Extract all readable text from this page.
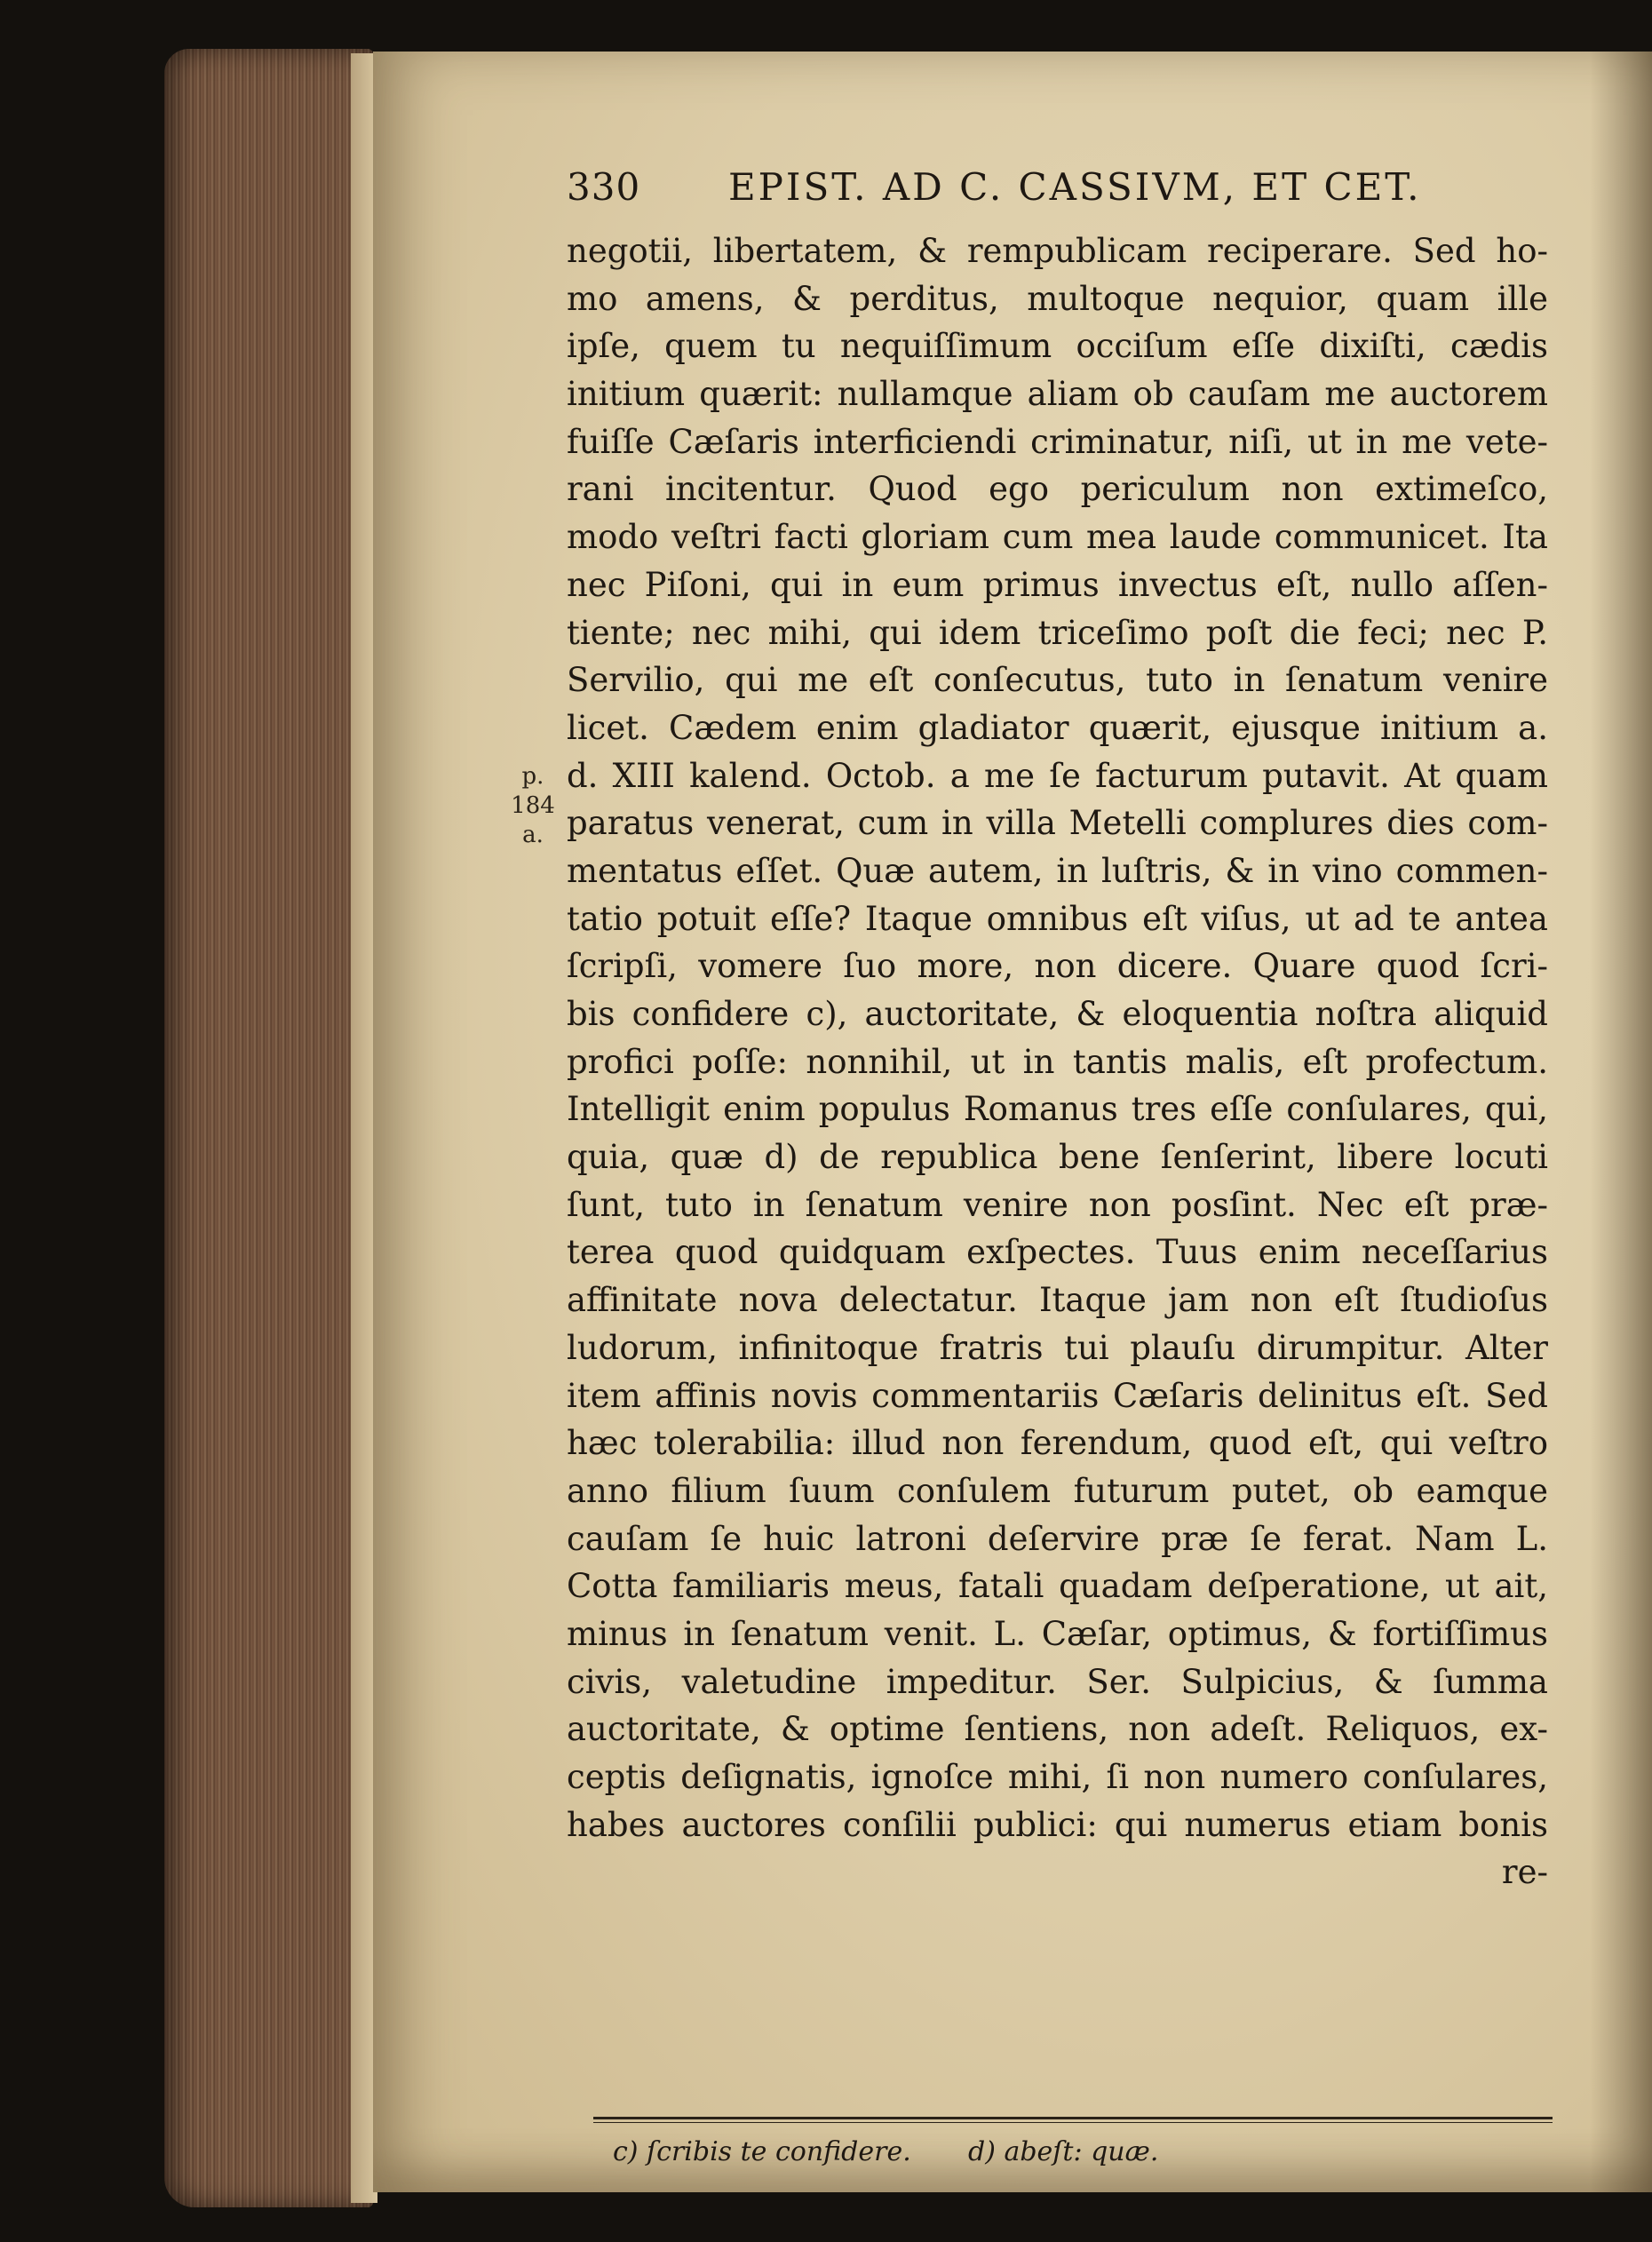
p.
184
a.
330 EPIST. AD C. CASSIVM, ET CET.
negotii, libertatem, & rempublicam reciperare. Sed ho-
mo amens, & perditus, multoque nequior, quam ille
ipſe, quem tu nequiſſimum occiſum eſſe dixiſti, cædis
initium quærit: nullamque aliam ob cauſam me auctorem
fuiſſe Cæſaris interficiendi criminatur, niſi, ut in me vete-
rani incitentur. Quod ego periculum non extimeſco,
modo veſtri facti gloriam cum mea laude communicet. Ita
nec Piſoni, qui in eum primus invectus eſt, nullo aſſen-
tiente; nec mihi, qui idem triceſimo poſt die feci; nec P.
Servilio, qui me eſt conſecutus, tuto in ſenatum venire
licet. Cædem enim gladiator quærit, ejusque initium a.
d. XIII kalend. Octob. a me ſe facturum putavit. At quam
paratus venerat, cum in villa Metelli complures dies com-
mentatus eſſet. Quæ autem, in luſtris, & in vino commen-
tatio potuit eſſe? Itaque omnibus eſt viſus, ut ad te antea
ſcripſi, vomere ſuo more, non dicere. Quare quod ſcri-
bis confidere c), auctoritate, & eloquentia noſtra aliquid
profici poſſe: nonnihil, ut in tantis malis, eſt profectum.
Intelligit enim populus Romanus tres eſſe conſulares, qui,
quia, quæ d) de republica bene ſenſerint, libere locuti
ſunt, tuto in ſenatum venire non posſint. Nec eſt præ-
terea quod quidquam exſpectes. Tuus enim neceſſarius
affinitate nova delectatur. Itaque jam non eſt ſtudioſus
ludorum, infinitoque fratris tui plauſu dirumpitur. Alter
item affinis novis commentariis Cæſaris delinitus eſt. Sed
hæc tolerabilia: illud non ferendum, quod eſt, qui veſtro
anno filium ſuum conſulem futurum putet, ob eamque
cauſam ſe huic latroni deſervire præ ſe ferat. Nam L.
Cotta familiaris meus, fatali quadam deſperatione, ut ait,
minus in ſenatum venit. L. Cæſar, optimus, & fortiſſimus
civis, valetudine impeditur. Ser. Sulpicius, & ſumma
auctoritate, & optime ſentiens, non adeſt. Reliquos, ex-
ceptis deſignatis, ignoſce mihi, ſi non numero conſulares,
habes auctores conſilii publici: qui numerus etiam bonis
re-
c) ſcribis te confidere. d) abeſt: quæ.
